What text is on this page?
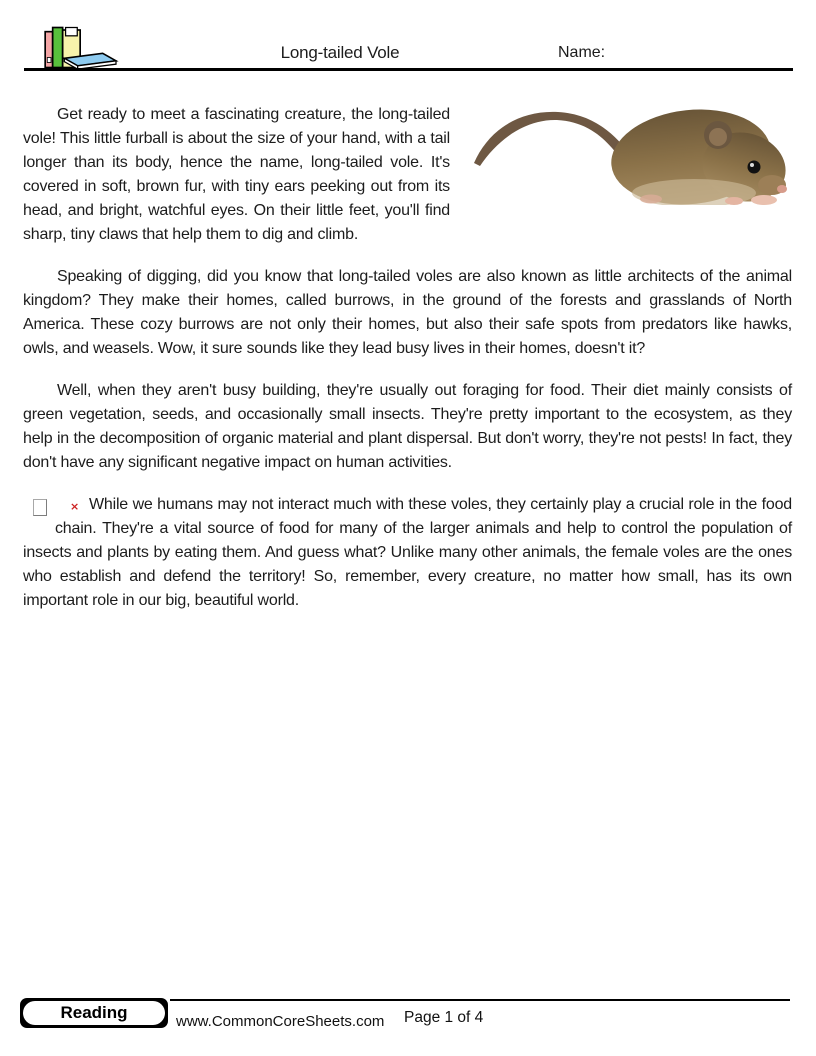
Long-tailed Vole	Name:

Get ready to meet a fascinating creature, the long-tailed vole! This little furball is about the size of your hand, with a tail longer than its body, hence the name, long-tailed vole. It's covered in soft, brown fur, with tiny ears peeking out from its head, and bright, watchful eyes. On their little feet, you'll find sharp, tiny claws that help them to dig and climb.

Speaking of digging, did you know that long-tailed voles are also known as little architects of the animal kingdom? They make their homes, called burrows, in the ground of the forests and grasslands of North America. These cozy burrows are not only their homes, but also their safe spots from predators like hawks, owls, and weasels. Wow, it sure sounds like they lead busy lives in their homes, doesn't it?

Well, when they aren't busy building, they're usually out foraging for food. Their diet mainly consists of green vegetation, seeds, and occasionally small insects. They're pretty important to the ecosystem, as they help in the decomposition of organic material and plant dispersal. But don't worry, they're not pests! In fact, they don't have any significant negative impact on human activities.

× While we humans may not interact much with these voles, they certainly play a crucial role in the food chain. They're a vital source of food for many of the larger animals and help to control the population of insects and plants by eating them. And guess what? Unlike many other animals, the female voles are the ones who establish and defend the territory! So, remember, every creature, no matter how small, has its own important role in our big, beautiful world.

Reading	www.CommonCoreSheets.com Page 1 of 4
